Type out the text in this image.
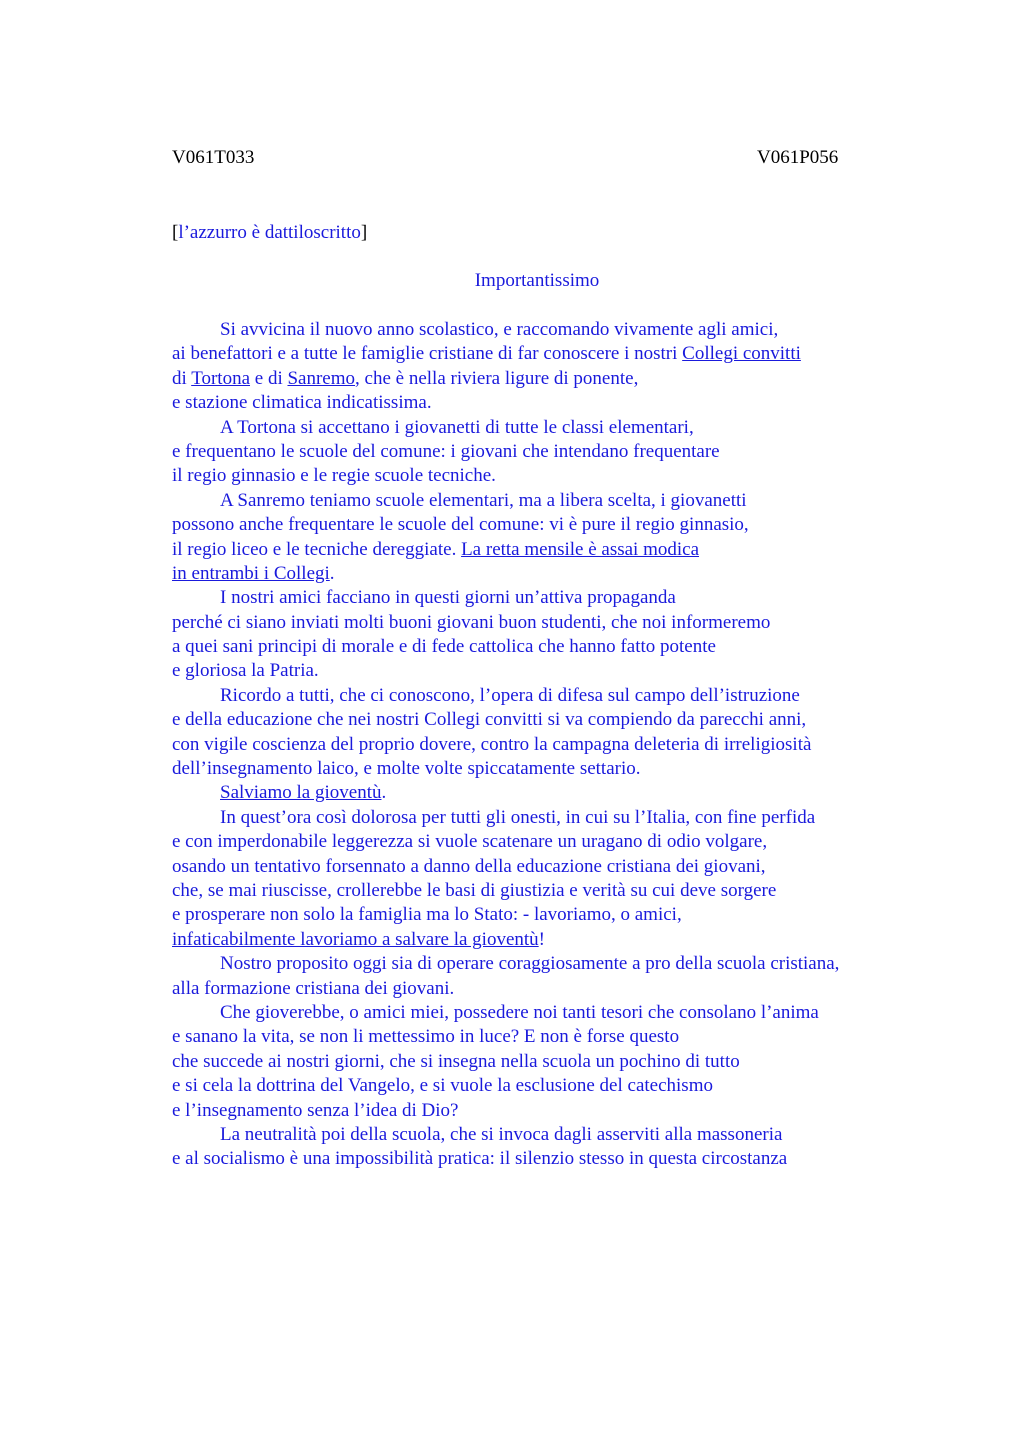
V061T033	V061P056
[l’azzurro è dattiloscritto]
Importantissimo
Si avvicina il nuovo anno scolastico, e raccomando vivamente agli amici,
ai benefattori e a tutte le famiglie cristiane di far conoscere i nostri Collegi convitti
di Tortona e di Sanremo, che è nella riviera ligure di ponente,
e stazione climatica indicatissima.
A Tortona si accettano i giovanetti di tutte le classi elementari,
e frequentano le scuole del comune: i giovani che intendano frequentare
il regio ginnasio e le regie scuole tecniche.
A Sanremo teniamo scuole elementari, ma a libera scelta, i giovanetti
possono anche frequentare le scuole del comune: vi è pure il regio ginnasio,
il regio liceo e le tecniche dereggiate. La retta mensile è assai modica
in entrambi i Collegi.
I nostri amici facciano in questi giorni un’attiva propaganda
perché ci siano inviati molti buoni giovani buon studenti, che noi informeremo
a quei sani principi di morale e di fede cattolica che hanno fatto potente
e gloriosa la Patria.
Ricordo a tutti, che ci conoscono, l’opera di difesa sul campo dell’istruzione
e della educazione che nei nostri Collegi convitti si va compiendo da parecchi anni,
con vigile coscienza del proprio dovere, contro la campagna deleteria di irreligiosità
dell’insegnamento laico, e molte volte spiccatamente settario.
Salviamo la gioventù.
In quest’ora così dolorosa per tutti gli onesti, in cui su l’Italia, con fine perfida
e con imperdonabile leggerezza si vuole scatenare un uragano di odio volgare,
osando un tentativo forsennato a danno della educazione cristiana dei giovani,
che, se mai riuscisse, crollerebbe le basi di giustizia e verità su cui deve sorgere
e prosperare non solo la famiglia ma lo Stato: - lavoriamo, o amici,
infaticabilmente lavoriamo a salvare la gioventù!
Nostro proposito oggi sia di operare coraggiosamente a pro della scuola cristiana,
alla formazione cristiana dei giovani.
Che gioverebbe, o amici miei, possedere noi tanti tesori che consolano l’anima
e sanano la vita, se non li mettessimo in luce? E non è forse questo
che succede ai nostri giorni, che si insegna nella scuola un pochino di tutto
e si cela la dottrina del Vangelo, e si vuole la esclusione del catechismo
e l’insegnamento senza l’idea di Dio?
La neutralità poi della scuola, che si invoca dagli asserviti alla massoneria
e al socialismo è una impossibilità pratica: il silenzio stesso in questa circostanza
